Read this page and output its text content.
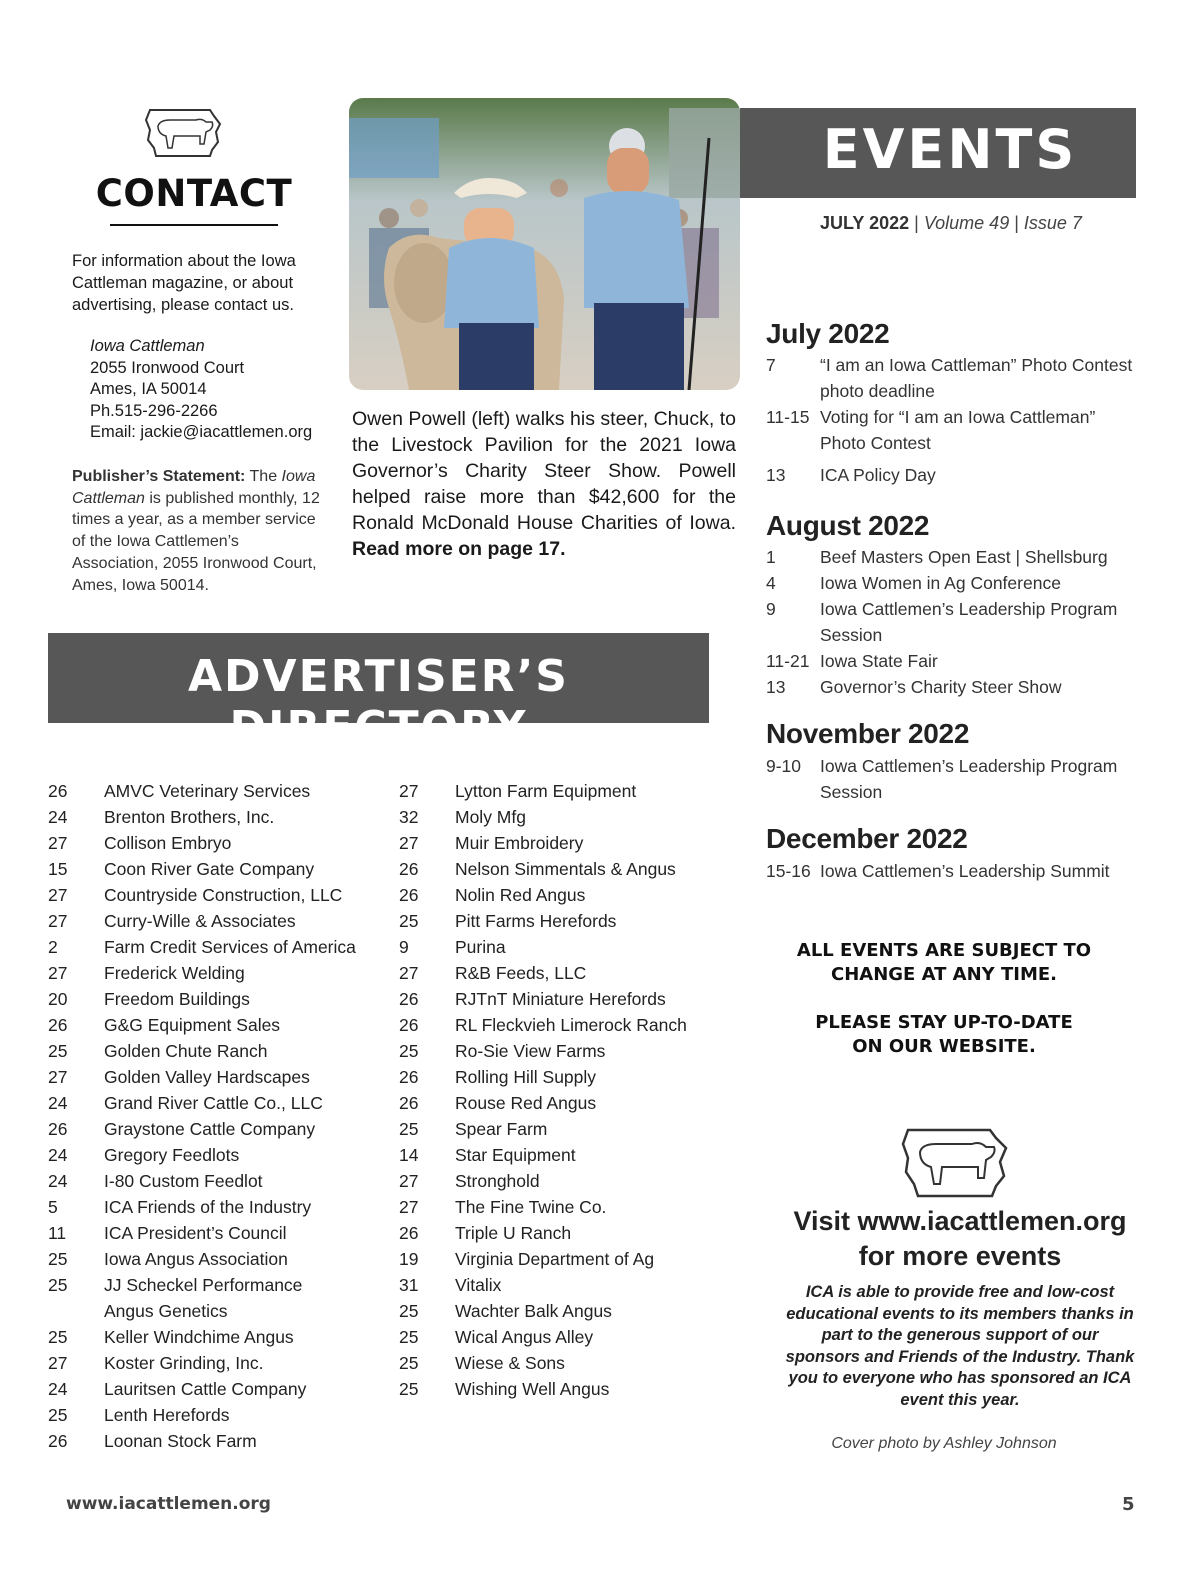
CONTACT
For information about the Iowa Cattleman magazine, or about advertising, please contact us.
Iowa Cattleman
2055 Ironwood Court
Ames, IA 50014
Ph.515-296-2266
Email: jackie@iacattlemen.org
Publisher’s Statement: The Iowa Cattleman is published monthly, 12 times a year, as a member service of the Iowa Cattlemen’s Association, 2055 Ironwood Court, Ames, Iowa 50014.
Owen Powell (left) walks his steer, Chuck, to the Livestock Pavilion for the 2021 Iowa Governor’s Charity Steer Show. Powell helped raise more than $42,600 for the Ronald McDonald House Charities of Iowa. Read more on page 17.
EVENTS
JULY 2022 | Volume 49 | Issue 7
July 2022
7	“I am an Iowa Cattleman” Photo Contest photo deadline
11-15 Voting for “I am an Iowa Cattleman” Photo Contest
13 ICA Policy Day
August 2022
1	Beef Masters Open East | Shellsburg
4	Iowa Women in Ag Conference
9	Iowa Cattlemen’s Leadership Program Session
11-21 Iowa State Fair
13 Governor’s Charity Steer Show
November 2022
9-10 Iowa Cattlemen’s Leadership Program Session
December 2022
15-16 Iowa Cattlemen’s Leadership Summit
ALL EVENTS ARE SUBJECT TO
CHANGE AT ANY TIME.
PLEASE STAY UP-TO-DATE
ON OUR WEBSITE.
Visit www.iacattlemen.org
for more events
ICA is able to provide free and low-cost educational events to its members thanks in part to the generous support of our sponsors and Friends of the Industry. Thank you to everyone who has sponsored an ICA event this year.
Cover photo by Ashley Johnson
ADVERTISER’S DIRECTORY
26 AMVC Veterinary Services
24 Brenton Brothers, Inc.
27 Collison Embryo
15 Coon River Gate Company
27 Countryside Construction, LLC
27 Curry-Wille & Associates
2	Farm Credit Services of America
27 Frederick Welding
20 Freedom Buildings
26 G&G Equipment Sales
25 Golden Chute Ranch
27 Golden Valley Hardscapes
24 Grand River Cattle Co., LLC
26 Graystone Cattle Company
24 Gregory Feedlots
24 I-80 Custom Feedlot
5	ICA Friends of the Industry
11 ICA President’s Council
25 Iowa Angus Association
25 JJ Scheckel Performance
Angus Genetics
25 Keller Windchime Angus
27 Koster Grinding, Inc.
24 Lauritsen Cattle Company
25 Lenth Herefords
26 Loonan Stock Farm
27 Lytton Farm Equipment
32 Moly Mfg
27 Muir Embroidery
26 Nelson Simmentals & Angus
26 Nolin Red Angus
25 Pitt Farms Herefords
9	Purina
27 R&B Feeds, LLC
26 RJTnT Miniature Herefords
26 RL Fleckvieh Limerock Ranch
25 Ro-Sie View Farms
26 Rolling Hill Supply
26 Rouse Red Angus
25 Spear Farm
14 Star Equipment
27 Stronghold
27 The Fine Twine Co.
26 Triple U Ranch
19 Virginia Department of Ag
31 Vitalix
25 Wachter Balk Angus
25 Wical Angus Alley
25 Wiese & Sons
25 Wishing Well Angus
www.iacattlemen.org	5
